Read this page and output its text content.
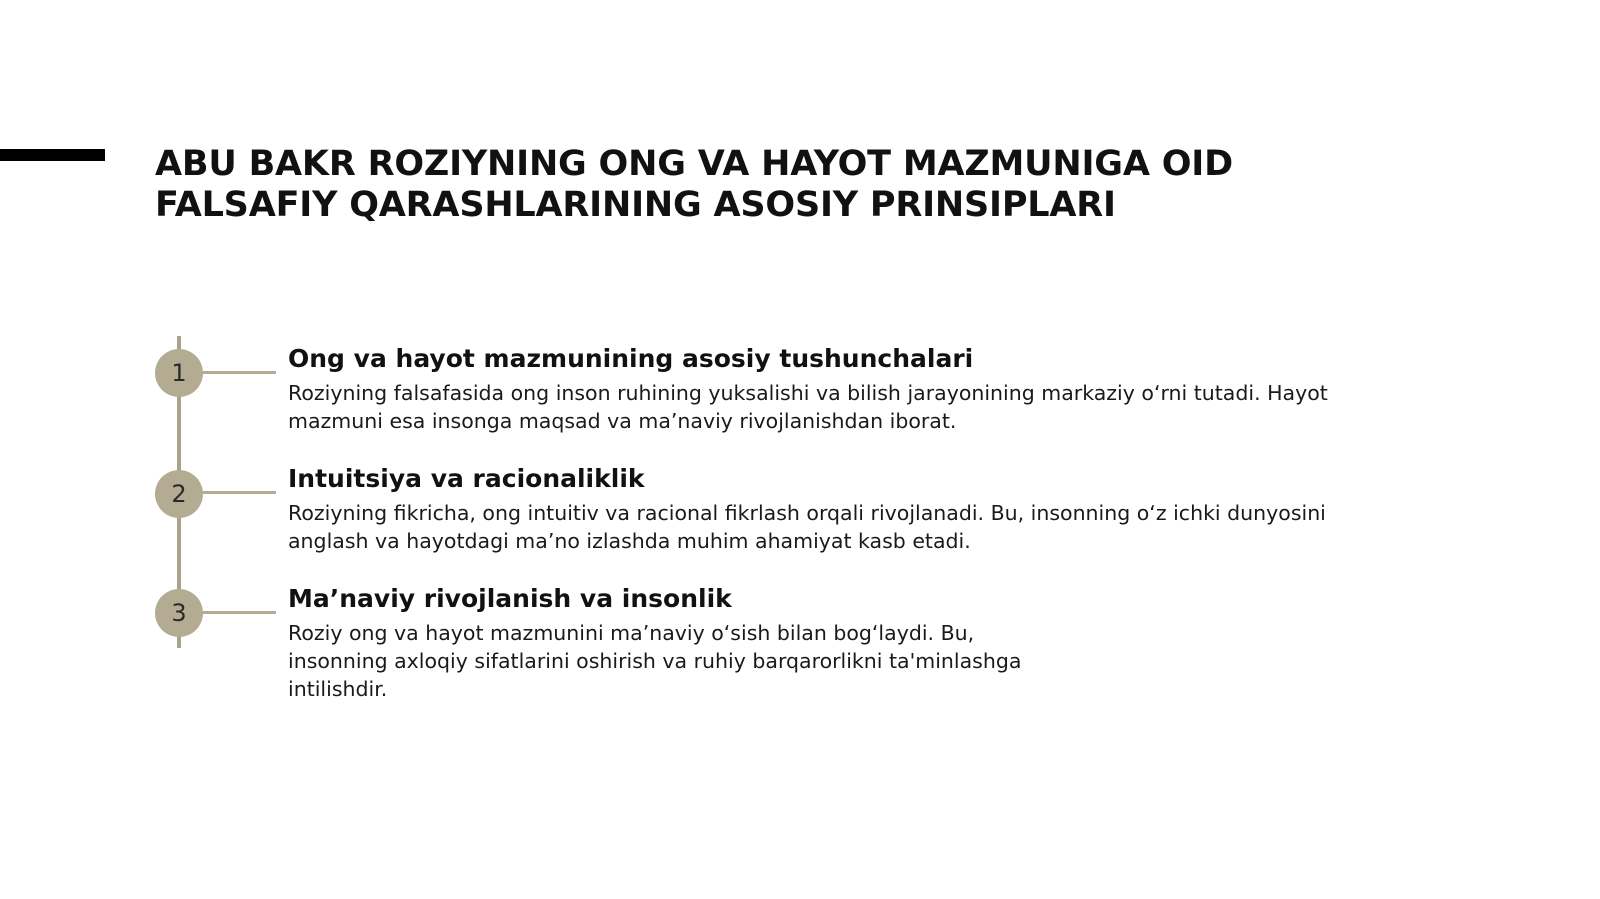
ABU BAKR ROZIYNING ONG VA HAYOT MAZMUNIGA OID
FALSAFIY QARASHLARINING ASOSIY PRINSIPLARI
1	Ong va hayot mazmunining asosiy tushunchalari

Roziyning falsafasida ong inson ruhining yuksalishi va bilish jarayonining markaziy o‘rni tutadi. Hayot
mazmuni esa insonga maqsad va ma’naviy rivojlanishdan iborat.

2
Intuitsiya va racionaliklik

Roziyning fikricha, ong intuitiv va racional fikrlash orqali rivojlanadi. Bu, insonning o‘z ichki dunyosini
anglash va hayotdagi ma’no izlashda muhim ahamiyat kasb etadi.

3	Ma’naviy rivojlanish va insonlik

Roziy ong va hayot mazmunini ma’naviy o‘sish bilan bog‘laydi. Bu,
insonning axloqiy sifatlarini oshirish va ruhiy barqarorlikni ta'minlashga
intilishdir.
